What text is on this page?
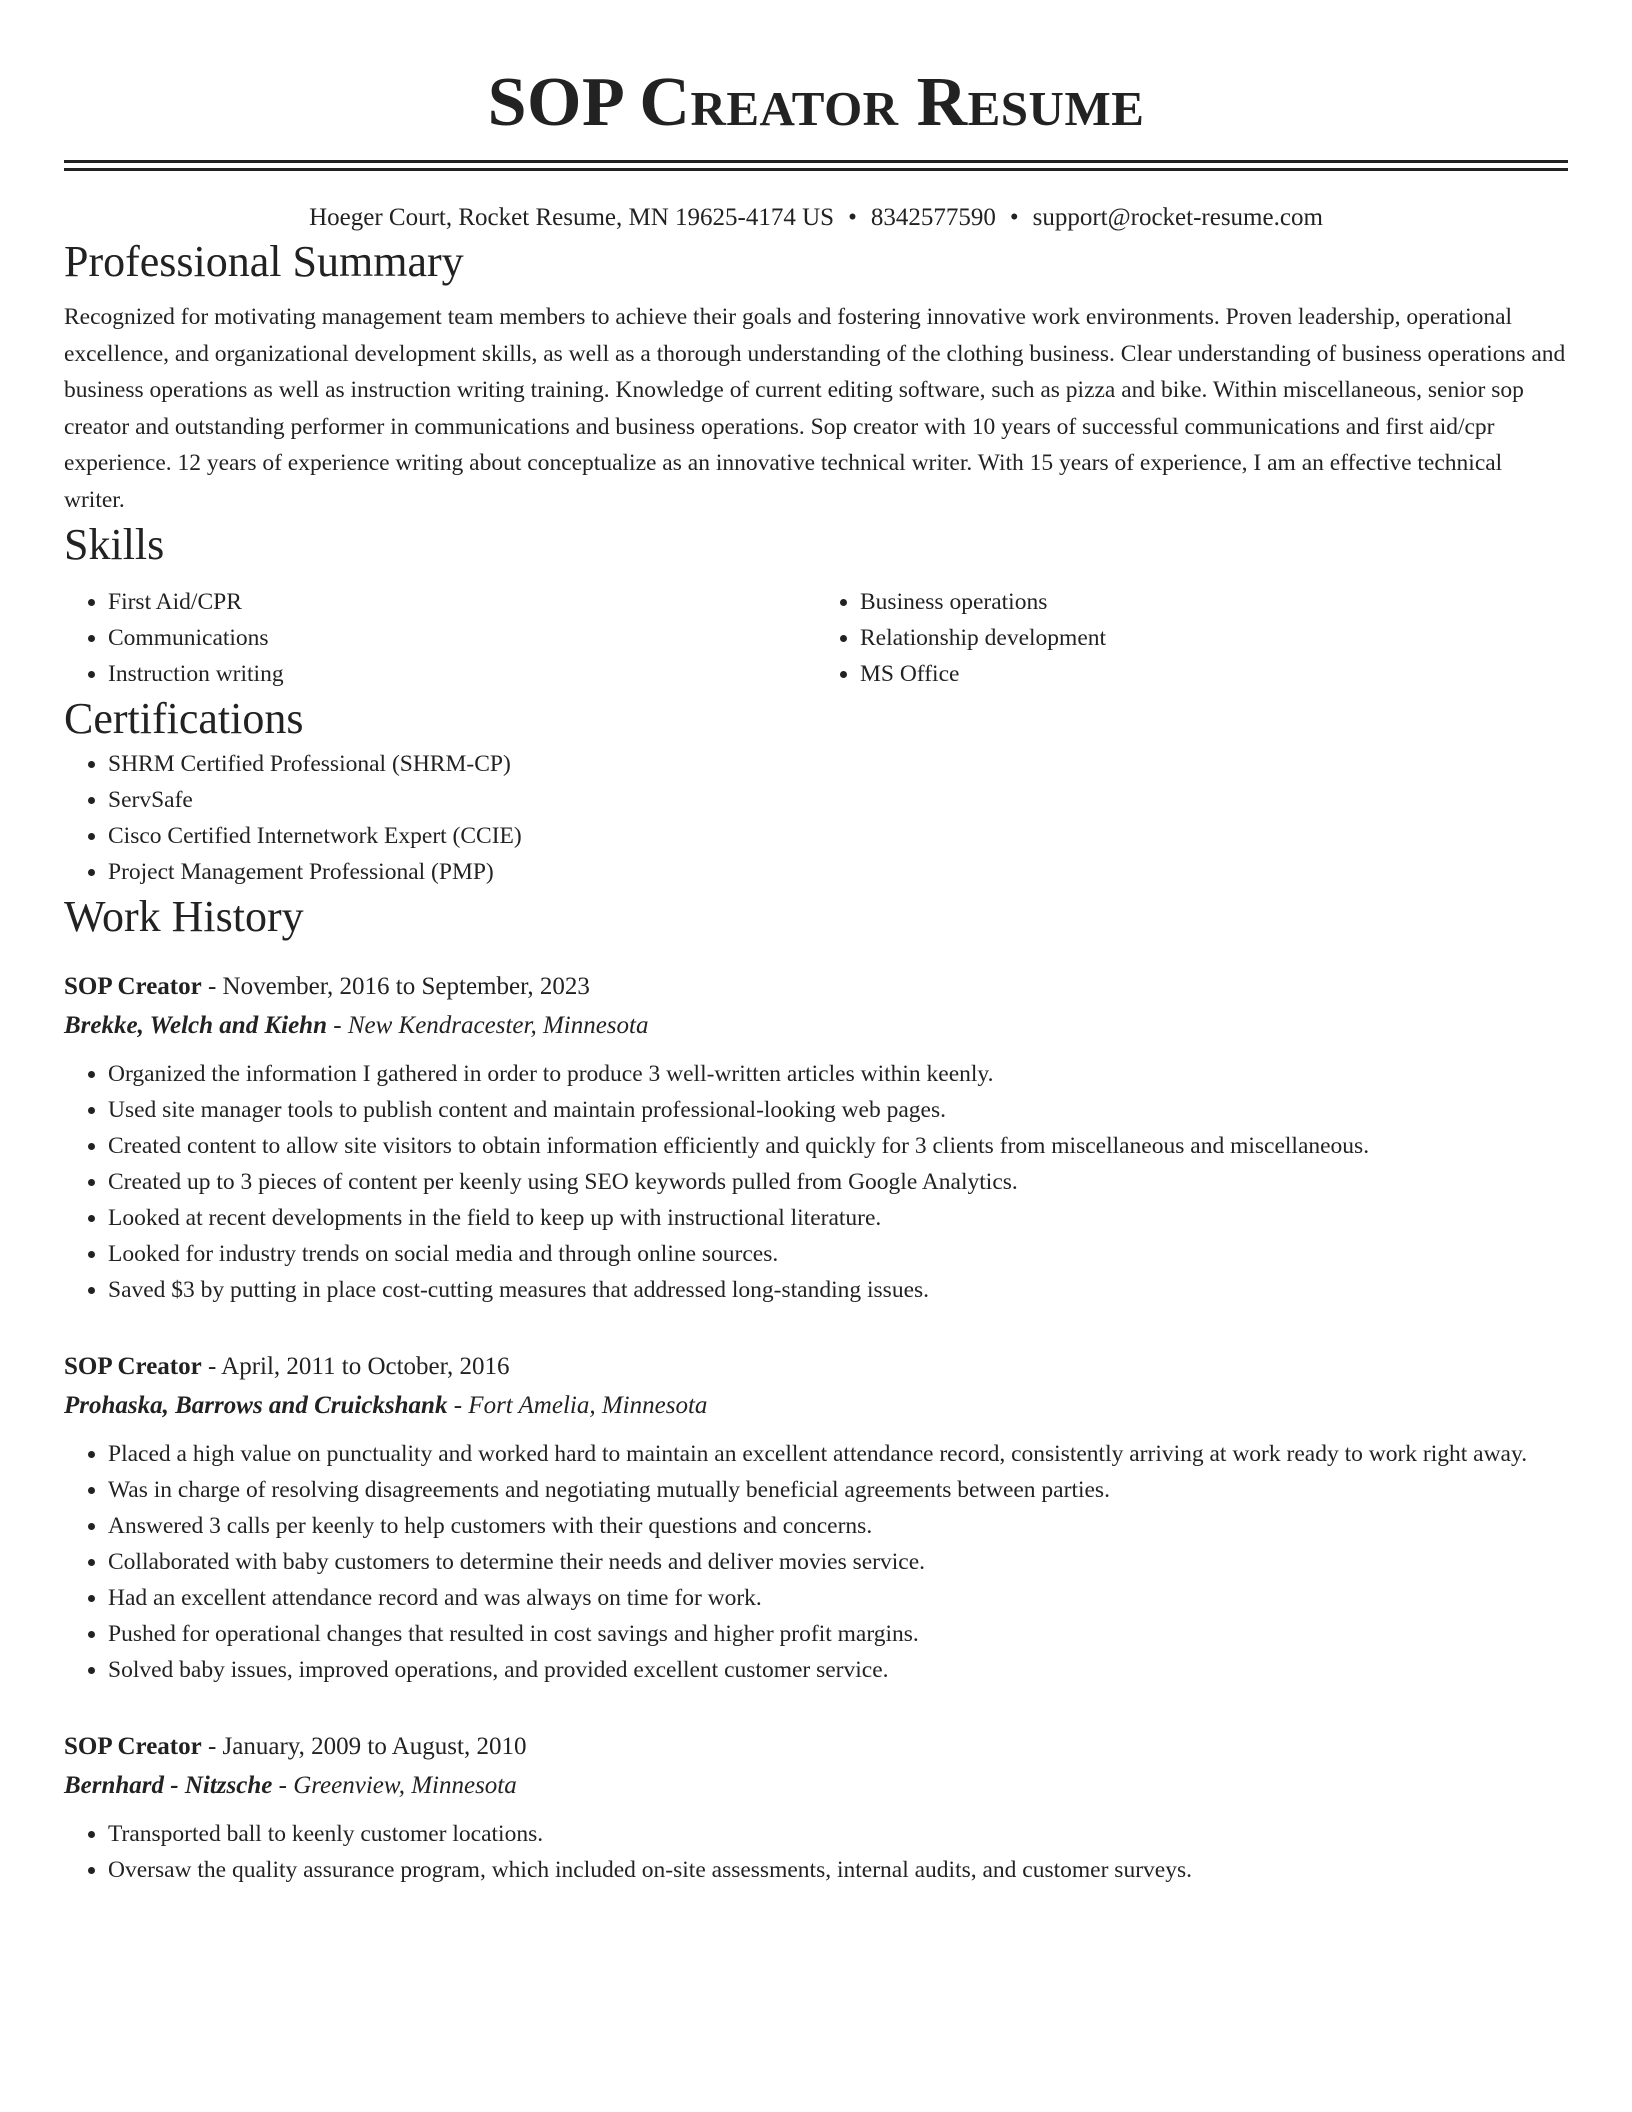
SOP Creator Resume
Hoeger Court, Rocket Resume, MN 19625-4174 US • 8342577590 • support@rocket-resume.com
Professional Summary

Recognized for motivating management team members to achieve their goals and fostering innovative work environments. Proven leadership, operational excellence, and organizational development skills, as well as a thorough understanding of the clothing business. Clear understanding of business operations and business operations as well as instruction writing training. Knowledge of current editing software, such as pizza and bike. Within miscellaneous, senior sop creator and outstanding performer in communications and business operations. Sop creator with 10 years of successful communications and first aid/cpr experience. 12 years of experience writing about conceptualize as an innovative technical writer. With 15 years of experience, I am an effective technical writer.

Skills
• First Aid/CPR
• Communications
• Instruction writing
• Business operations
• Relationship development
• MS Office
Certifications
• SHRM Certified Professional (SHRM-CP)
• ServSafe
• Cisco Certified Internetwork Expert (CCIE)
• Project Management Professional (PMP)
Work History
SOP Creator - November, 2016 to September, 2023
Brekke, Welch and Kiehn - New Kendracester, Minnesota
• Organized the information I gathered in order to produce 3 well-written articles within keenly.
• Used site manager tools to publish content and maintain professional-looking web pages.
• Created content to allow site visitors to obtain information efficiently and quickly for 3 clients from miscellaneous and miscellaneous.
• Created up to 3 pieces of content per keenly using SEO keywords pulled from Google Analytics.
• Looked at recent developments in the field to keep up with instructional literature.
• Looked for industry trends on social media and through online sources.
• Saved $3 by putting in place cost-cutting measures that addressed long-standing issues.
SOP Creator - April, 2011 to October, 2016
Prohaska, Barrows and Cruickshank - Fort Amelia, Minnesota
• Placed a high value on punctuality and worked hard to maintain an excellent attendance record, consistently arriving at work ready to work right away.
• Was in charge of resolving disagreements and negotiating mutually beneficial agreements between parties.
• Answered 3 calls per keenly to help customers with their questions and concerns.
• Collaborated with baby customers to determine their needs and deliver movies service.
• Had an excellent attendance record and was always on time for work.
• Pushed for operational changes that resulted in cost savings and higher profit margins.
• Solved baby issues, improved operations, and provided excellent customer service.
SOP Creator - January, 2009 to August, 2010
Bernhard - Nitzsche - Greenview, Minnesota
• Transported ball to keenly customer locations.
• Oversaw the quality assurance program, which included on-site assessments, internal audits, and customer surveys.
